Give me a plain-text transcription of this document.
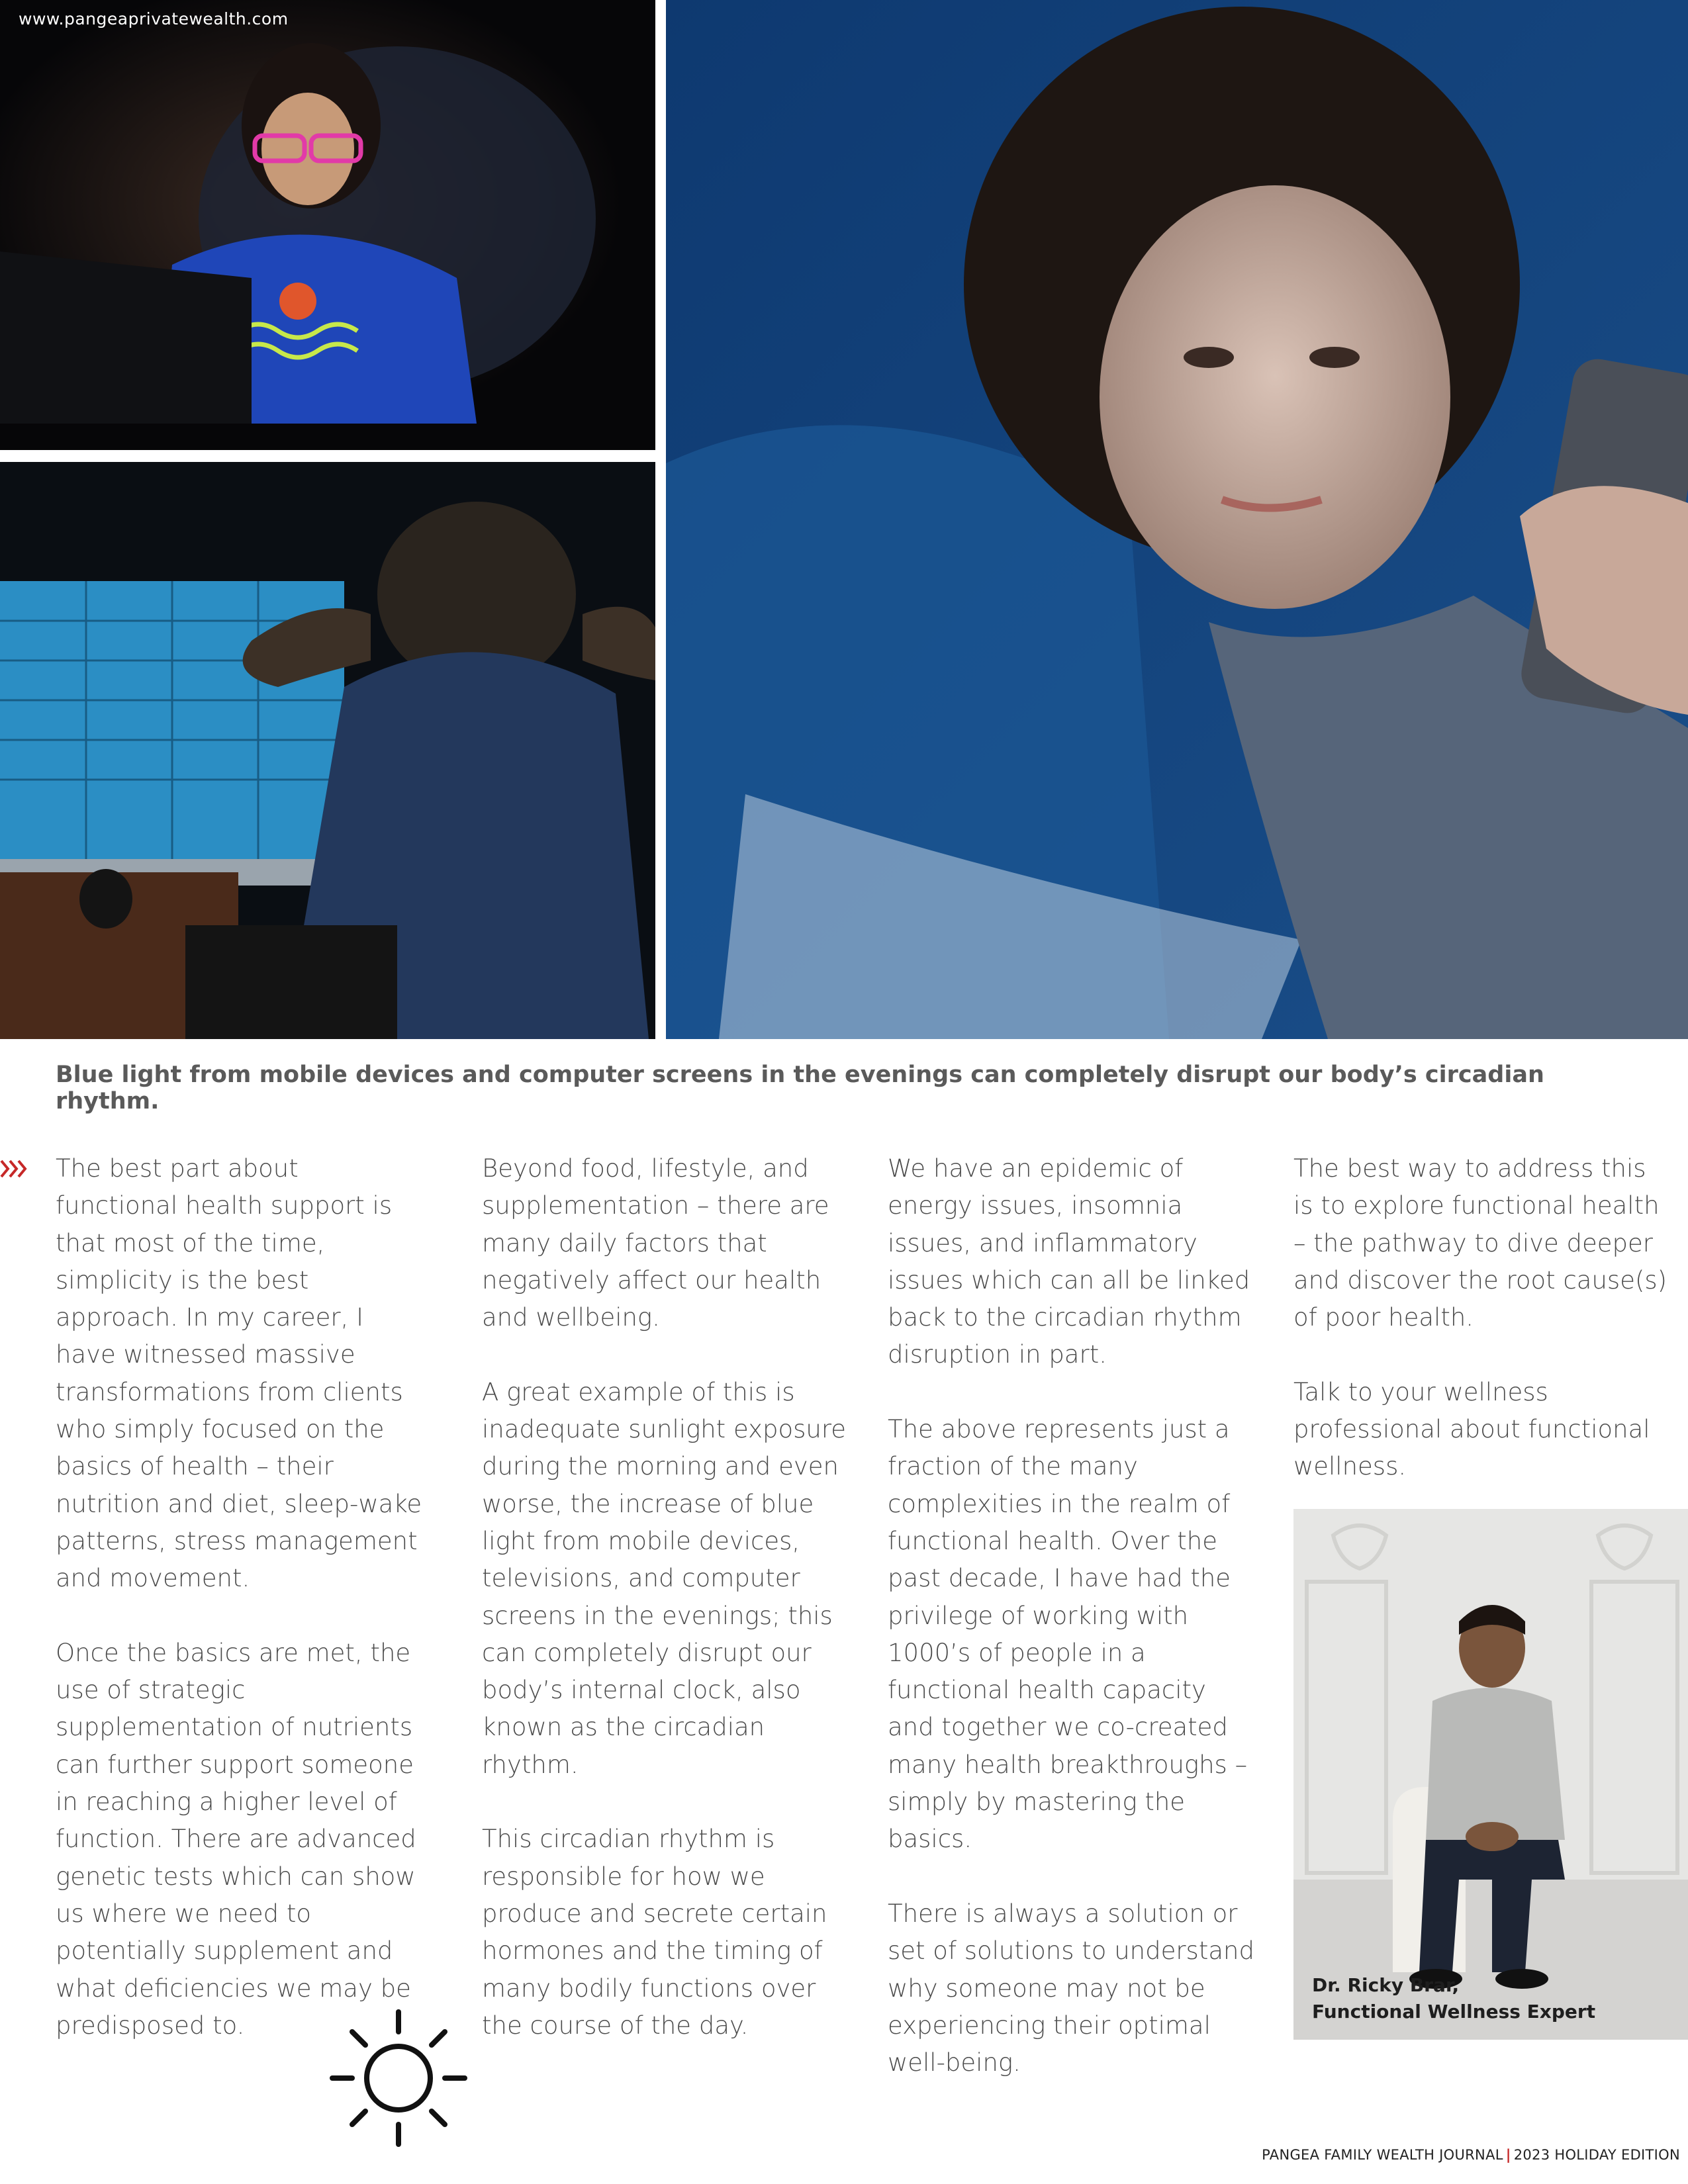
www.pangeaprivatewealth.com

Blue light from mobile devices and computer screens in the evenings can completely disrupt our body’s circadian rhythm.

The best part about functional health support is that most of the time, simplicity is the best approach. In my career, I have witnessed massive transformations from clients who simply focused on the basics of health – their nutrition and diet, sleep-wake patterns, stress management and movement.

Once the basics are met, the use of strategic supplementation of nutrients can further support someone in reaching a higher level of function. There are advanced genetic tests which can show us where we need to potentially supplement and what deficiencies we may be predisposed to.

Beyond food, lifestyle, and supplementation – there are many daily factors that negatively affect our health and wellbeing.

A great example of this is inadequate sunlight exposure during the morning and even worse, the increase of blue light from mobile devices, televisions, and computer screens in the evenings; this can completely disrupt our body’s internal clock, also known as the circadian rhythm.

This circadian rhythm is responsible for how we produce and secrete certain hormones and the timing of many bodily functions over the course of the day.

We have an epidemic of energy issues, insomnia issues, and inflammatory issues which can all be linked back to the circadian rhythm disruption in part.

The above represents just a fraction of the many complexities in the realm of functional health. Over the past decade, I have had the privilege of working with 1000’s of people in a functional health capacity and together we co-created many health breakthroughs – simply by mastering the basics.

There is always a solution or set of solutions to understand why someone may not be experiencing their optimal well-being.

The best way to address this is to explore functional health – the pathway to dive deeper and discover the root cause(s) of poor health.

Talk to your wellness professional about functional wellness.

Dr. Ricky Brar,
Functional Wellness Expert
PANGEA FAMILY WEALTH JOURNAL | 2023 HOLIDAY EDITION
